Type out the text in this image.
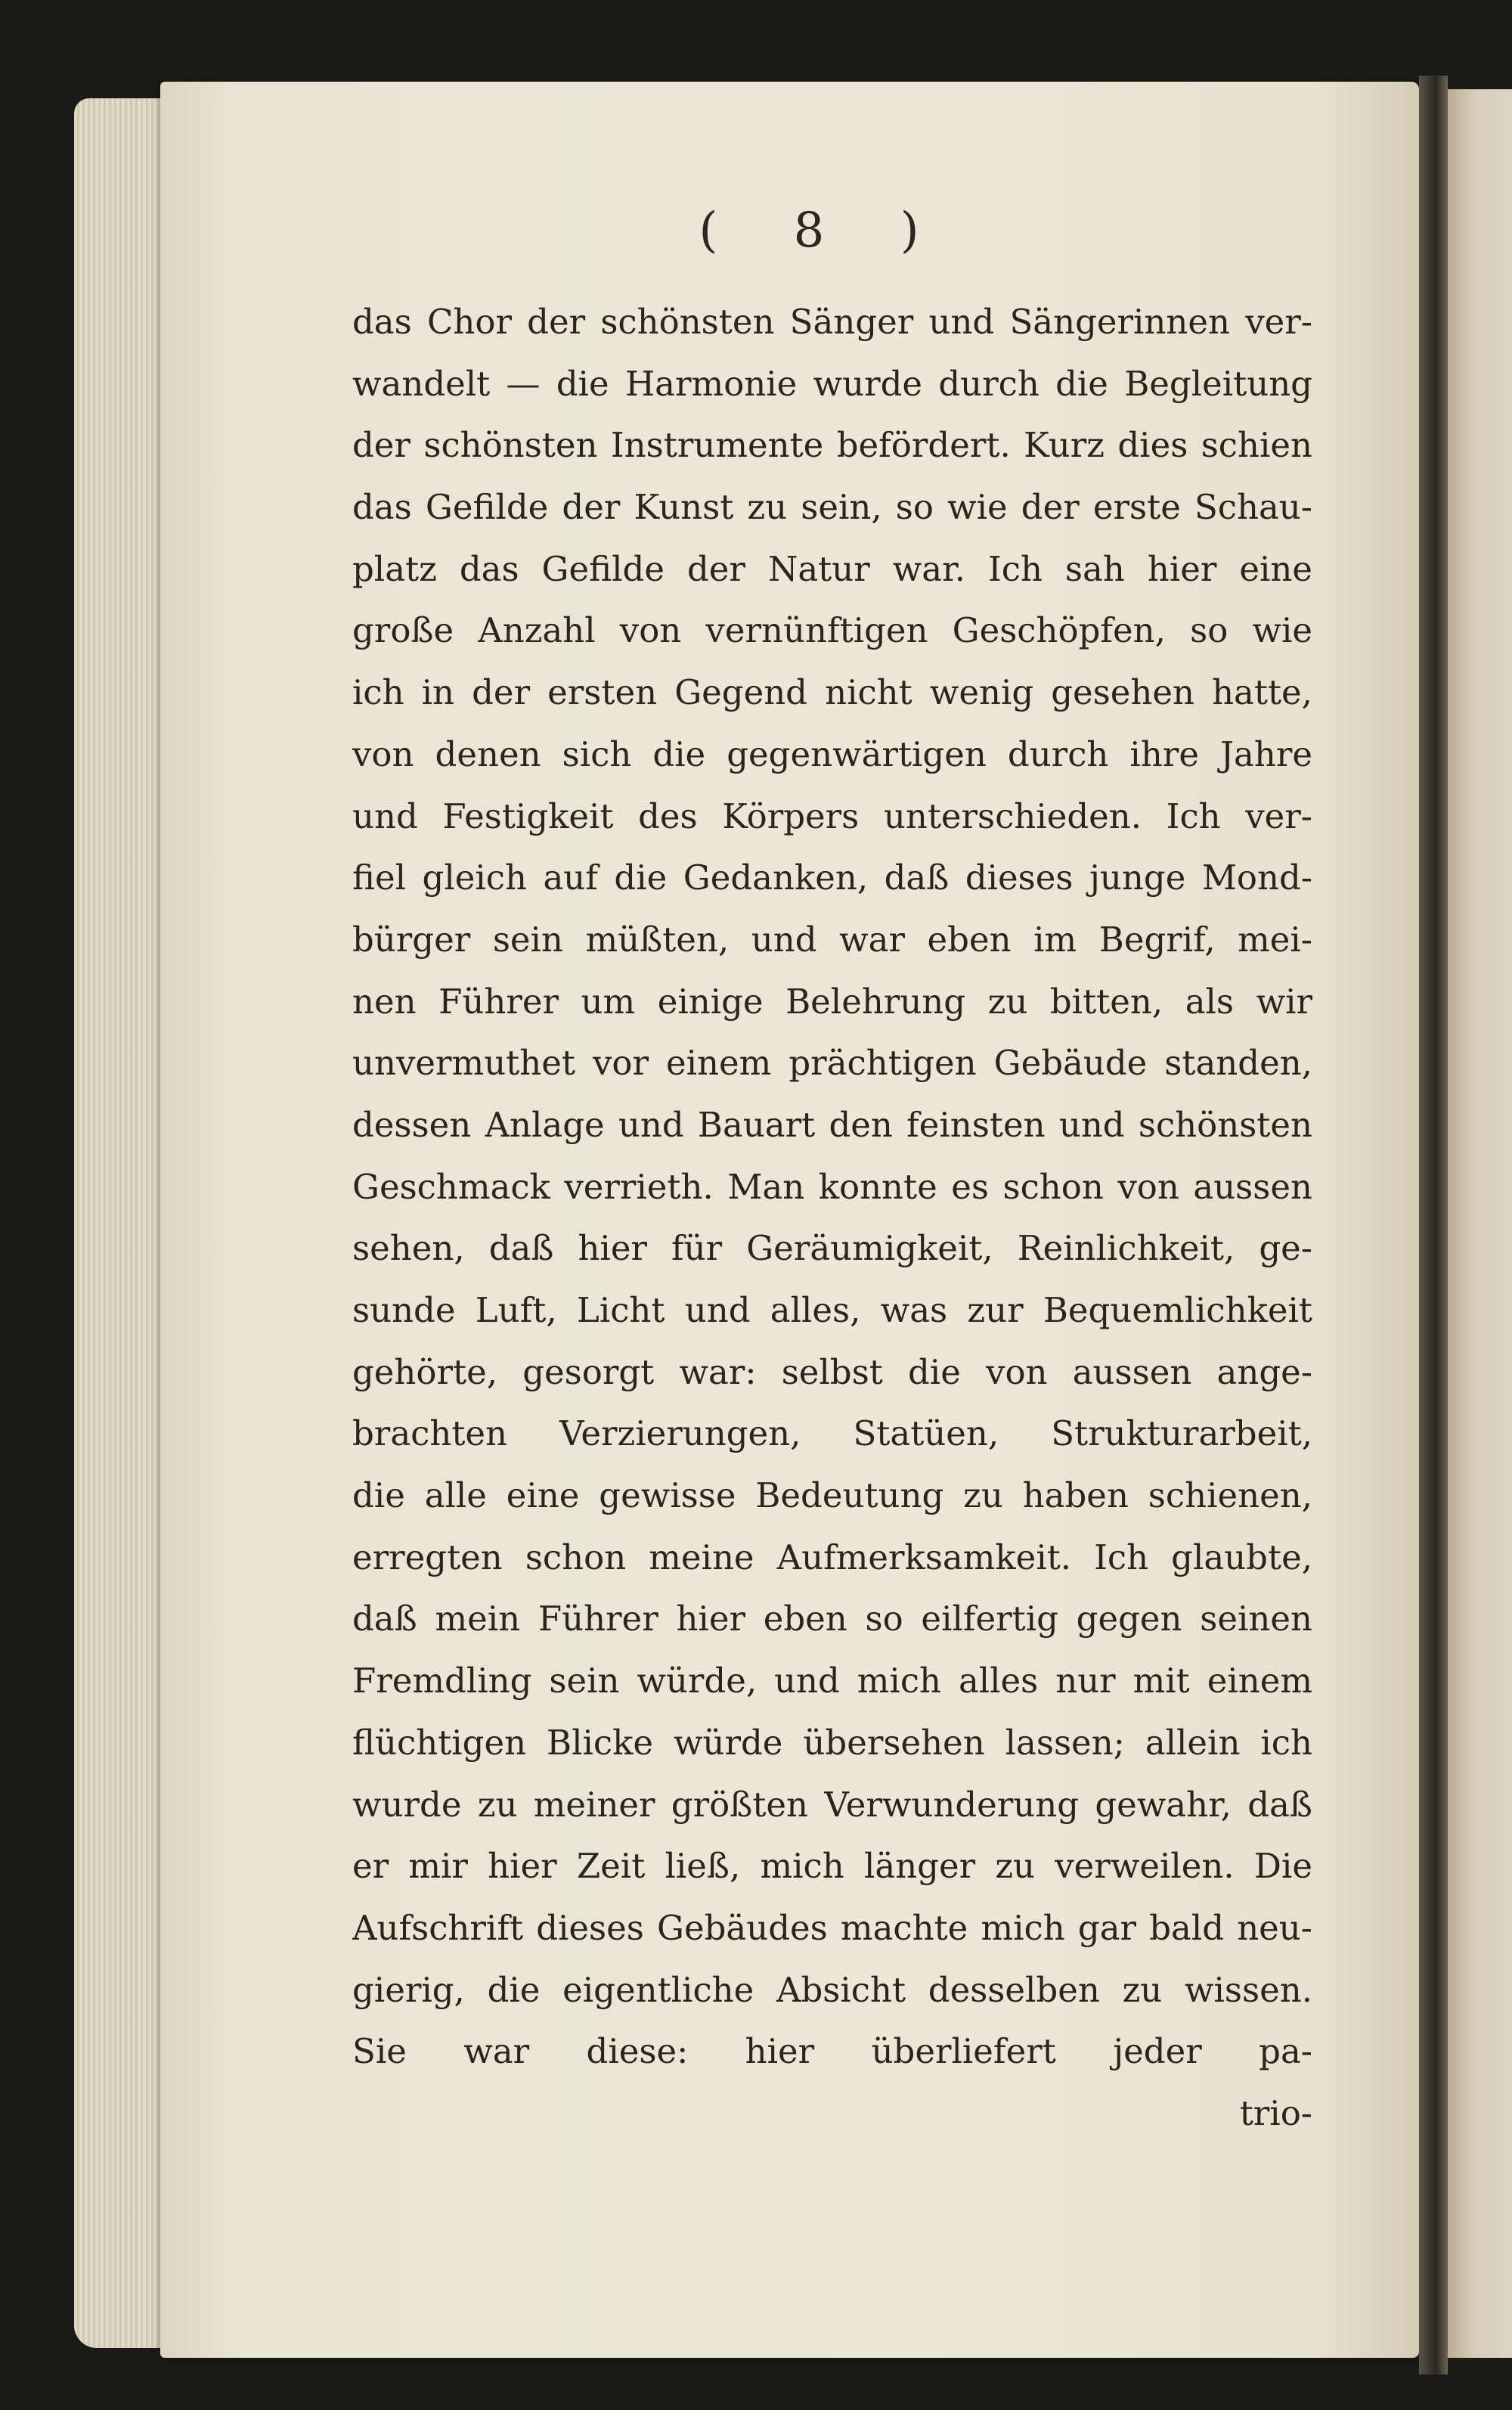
( 8 )
das Chor der schönsten Sänger und Sängerinnen ver-
wandelt — die Harmonie wurde durch die Begleitung
der schönsten Instrumente befördert. Kurz dies schien
das Gefilde der Kunst zu sein, so wie der erste Schau-
platz das Gefilde der Natur war. Ich sah hier eine
große Anzahl von vernünftigen Geschöpfen, so wie
ich in der ersten Gegend nicht wenig gesehen hatte,
von denen sich die gegenwärtigen durch ihre Jahre
und Festigkeit des Körpers unterschieden. Ich ver-
fiel gleich auf die Gedanken, daß dieses junge Mond-
bürger sein müßten, und war eben im Begrif, mei-
nen Führer um einige Belehrung zu bitten, als wir
unvermuthet vor einem prächtigen Gebäude standen,
dessen Anlage und Bauart den feinsten und schönsten
Geschmack verrieth. Man konnte es schon von aussen
sehen, daß hier für Geräumigkeit, Reinlichkeit, ge-
sunde Luft, Licht und alles, was zur Bequemlichkeit
gehörte, gesorgt war: selbst die von aussen ange-
brachten Verzierungen, Statüen, Strukturarbeit,
die alle eine gewisse Bedeutung zu haben schienen,
erregten schon meine Aufmerksamkeit. Ich glaubte,
daß mein Führer hier eben so eilfertig gegen seinen
Fremdling sein würde, und mich alles nur mit einem
flüchtigen Blicke würde übersehen lassen; allein ich
wurde zu meiner größten Verwunderung gewahr, daß
er mir hier Zeit ließ, mich länger zu verweilen. Die
Aufschrift dieses Gebäudes machte mich gar bald neu-
gierig, die eigentliche Absicht desselben zu wissen.
Sie war diese: hier überliefert jeder pa-
trio-
